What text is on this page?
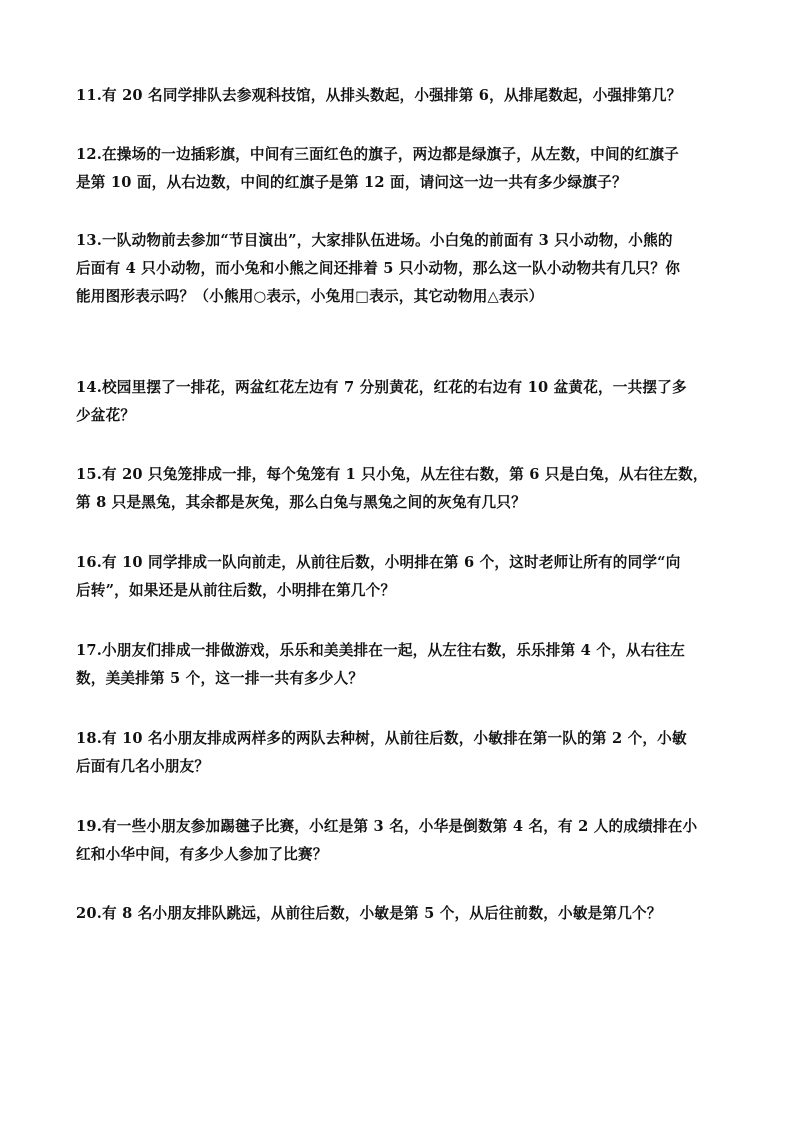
11.有 20 名同学排队去参观科技馆，从排头数起，小强排第 6，从排尾数起，小强排第几？

12.在操场的一边插彩旗，中间有三面红色的旗子，两边都是绿旗子，从左数，中间的红旗子
是第 10 面，从右边数，中间的红旗子是第 12 面，请问这一边一共有多少绿旗子？

13.一队动物前去参加“节目演出”，大家排队伍进场。小白兔的前面有 3 只小动物，小熊的
后面有 4 只小动物，而小兔和小熊之间还排着 5 只小动物，那么这一队小动物共有几只？你
能用图形表示吗？（小熊用○表示，小兔用□表示，其它动物用△表示）

14.校园里摆了一排花，两盆红花左边有 7 分别黄花，红花的右边有 10 盆黄花，一共摆了多
少盆花？

15.有 20 只兔笼排成一排，每个兔笼有 1 只小兔，从左往右数，第 6 只是白兔，从右往左数，
第 8 只是黑兔，其余都是灰兔，那么白兔与黑兔之间的灰兔有几只？

16.有 10 同学排成一队向前走，从前往后数，小明排在第 6 个，这时老师让所有的同学“向
后转”，如果还是从前往后数，小明排在第几个？

17.小朋友们排成一排做游戏，乐乐和美美排在一起，从左往右数，乐乐排第 4 个，从右往左
数，美美排第 5 个，这一排一共有多少人？

18.有 10 名小朋友排成两样多的两队去种树，从前往后数，小敏排在第一队的第 2 个，小敏
后面有几名小朋友？

19.有一些小朋友参加踢毽子比赛，小红是第 3 名，小华是倒数第 4 名，有 2 人的成绩排在小
红和小华中间，有多少人参加了比赛？

20.有 8 名小朋友排队跳远，从前往后数，小敏是第 5 个，从后往前数，小敏是第几个？
